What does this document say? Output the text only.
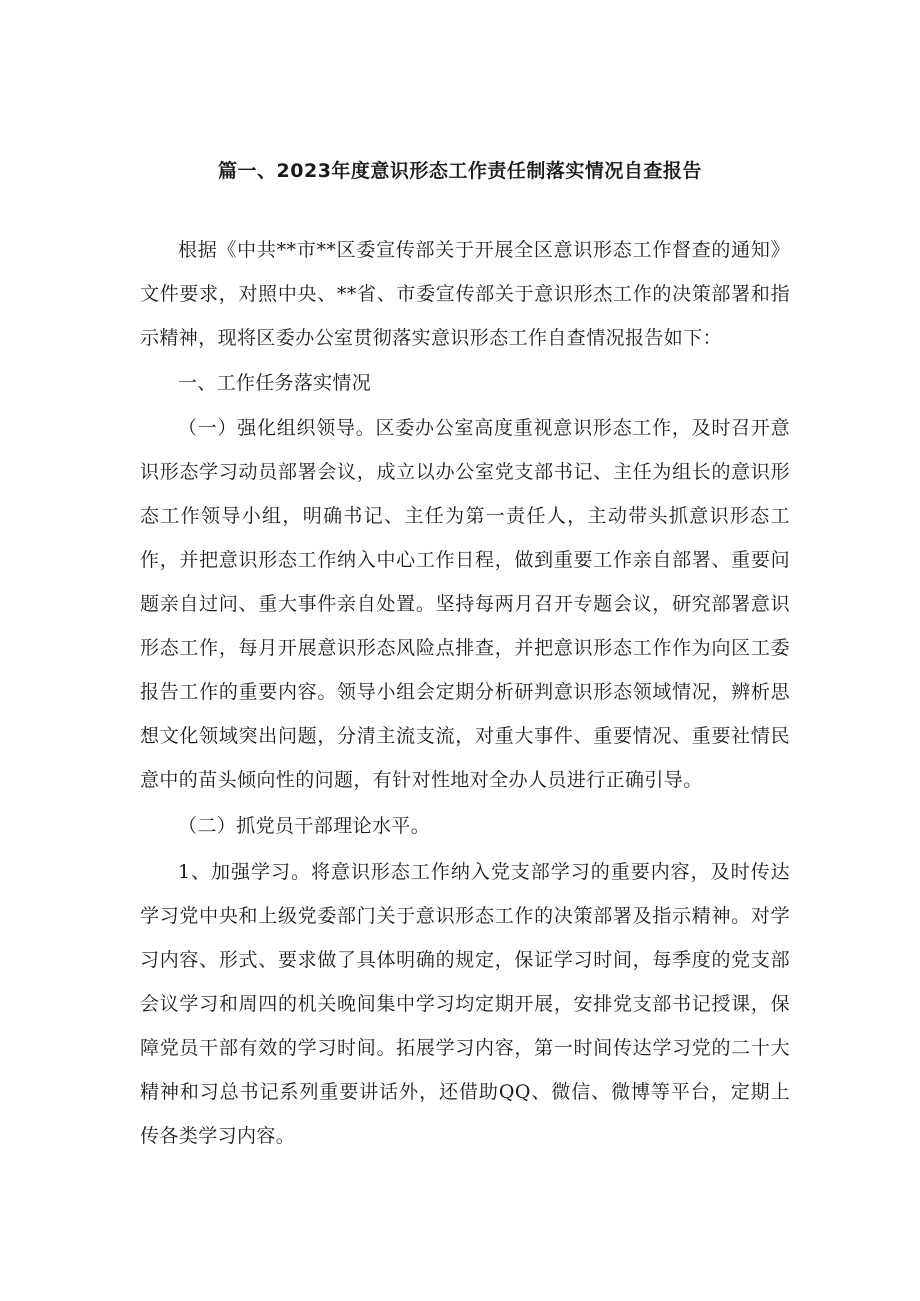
篇一、2023年度意识形态工作责任制落实情况自查报告

根据《中共**市**区委宣传部关于开展全区意识形态工作督查的通知》文件要求，对照中央、**省、市委宣传部关于意识形杰工作的决策部署和指示精神，现将区委办公室贯彻落实意识形态工作自查情况报告如下：

一、工作任务落实情况

（一）强化组织领导。区委办公室高度重视意识形态工作，及时召开意识形态学习动员部署会议，成立以办公室党支部书记、主任为组长的意识形态工作领导小组，明确书记、主任为第一责任人，主动带头抓意识形态工作，并把意识形态工作纳入中心工作日程，做到重要工作亲自部署、重要问题亲自过问、重大事件亲自处置。坚持每两月召开专题会议，研究部署意识形态工作，每月开展意识形态风险点排查，并把意识形态工作作为向区工委报告工作的重要内容。领导小组会定期分析研判意识形态领域情况，辨析思想文化领域突出问题，分清主流支流，对重大事件、重要情况、重要社情民意中的苗头倾向性的问题，有针对性地对全办人员进行正确引导。

（二）抓党员干部理论水平。

1、加强学习。将意识形态工作纳入党支部学习的重要内容，及时传达学习党中央和上级党委部门关于意识形态工作的决策部署及指示精神。对学习内容、形式、要求做了具体明确的规定，保证学习时间，每季度的党支部会议学习和周四的机关晚间集中学习均定期开展，安排党支部书记授课，保障党员干部有效的学习时间。拓展学习内容，第一时间传达学习党的二十大精神和习总书记系列重要讲话外，还借助QQ、微信、微博等平台，定期上传各类学习内容。
